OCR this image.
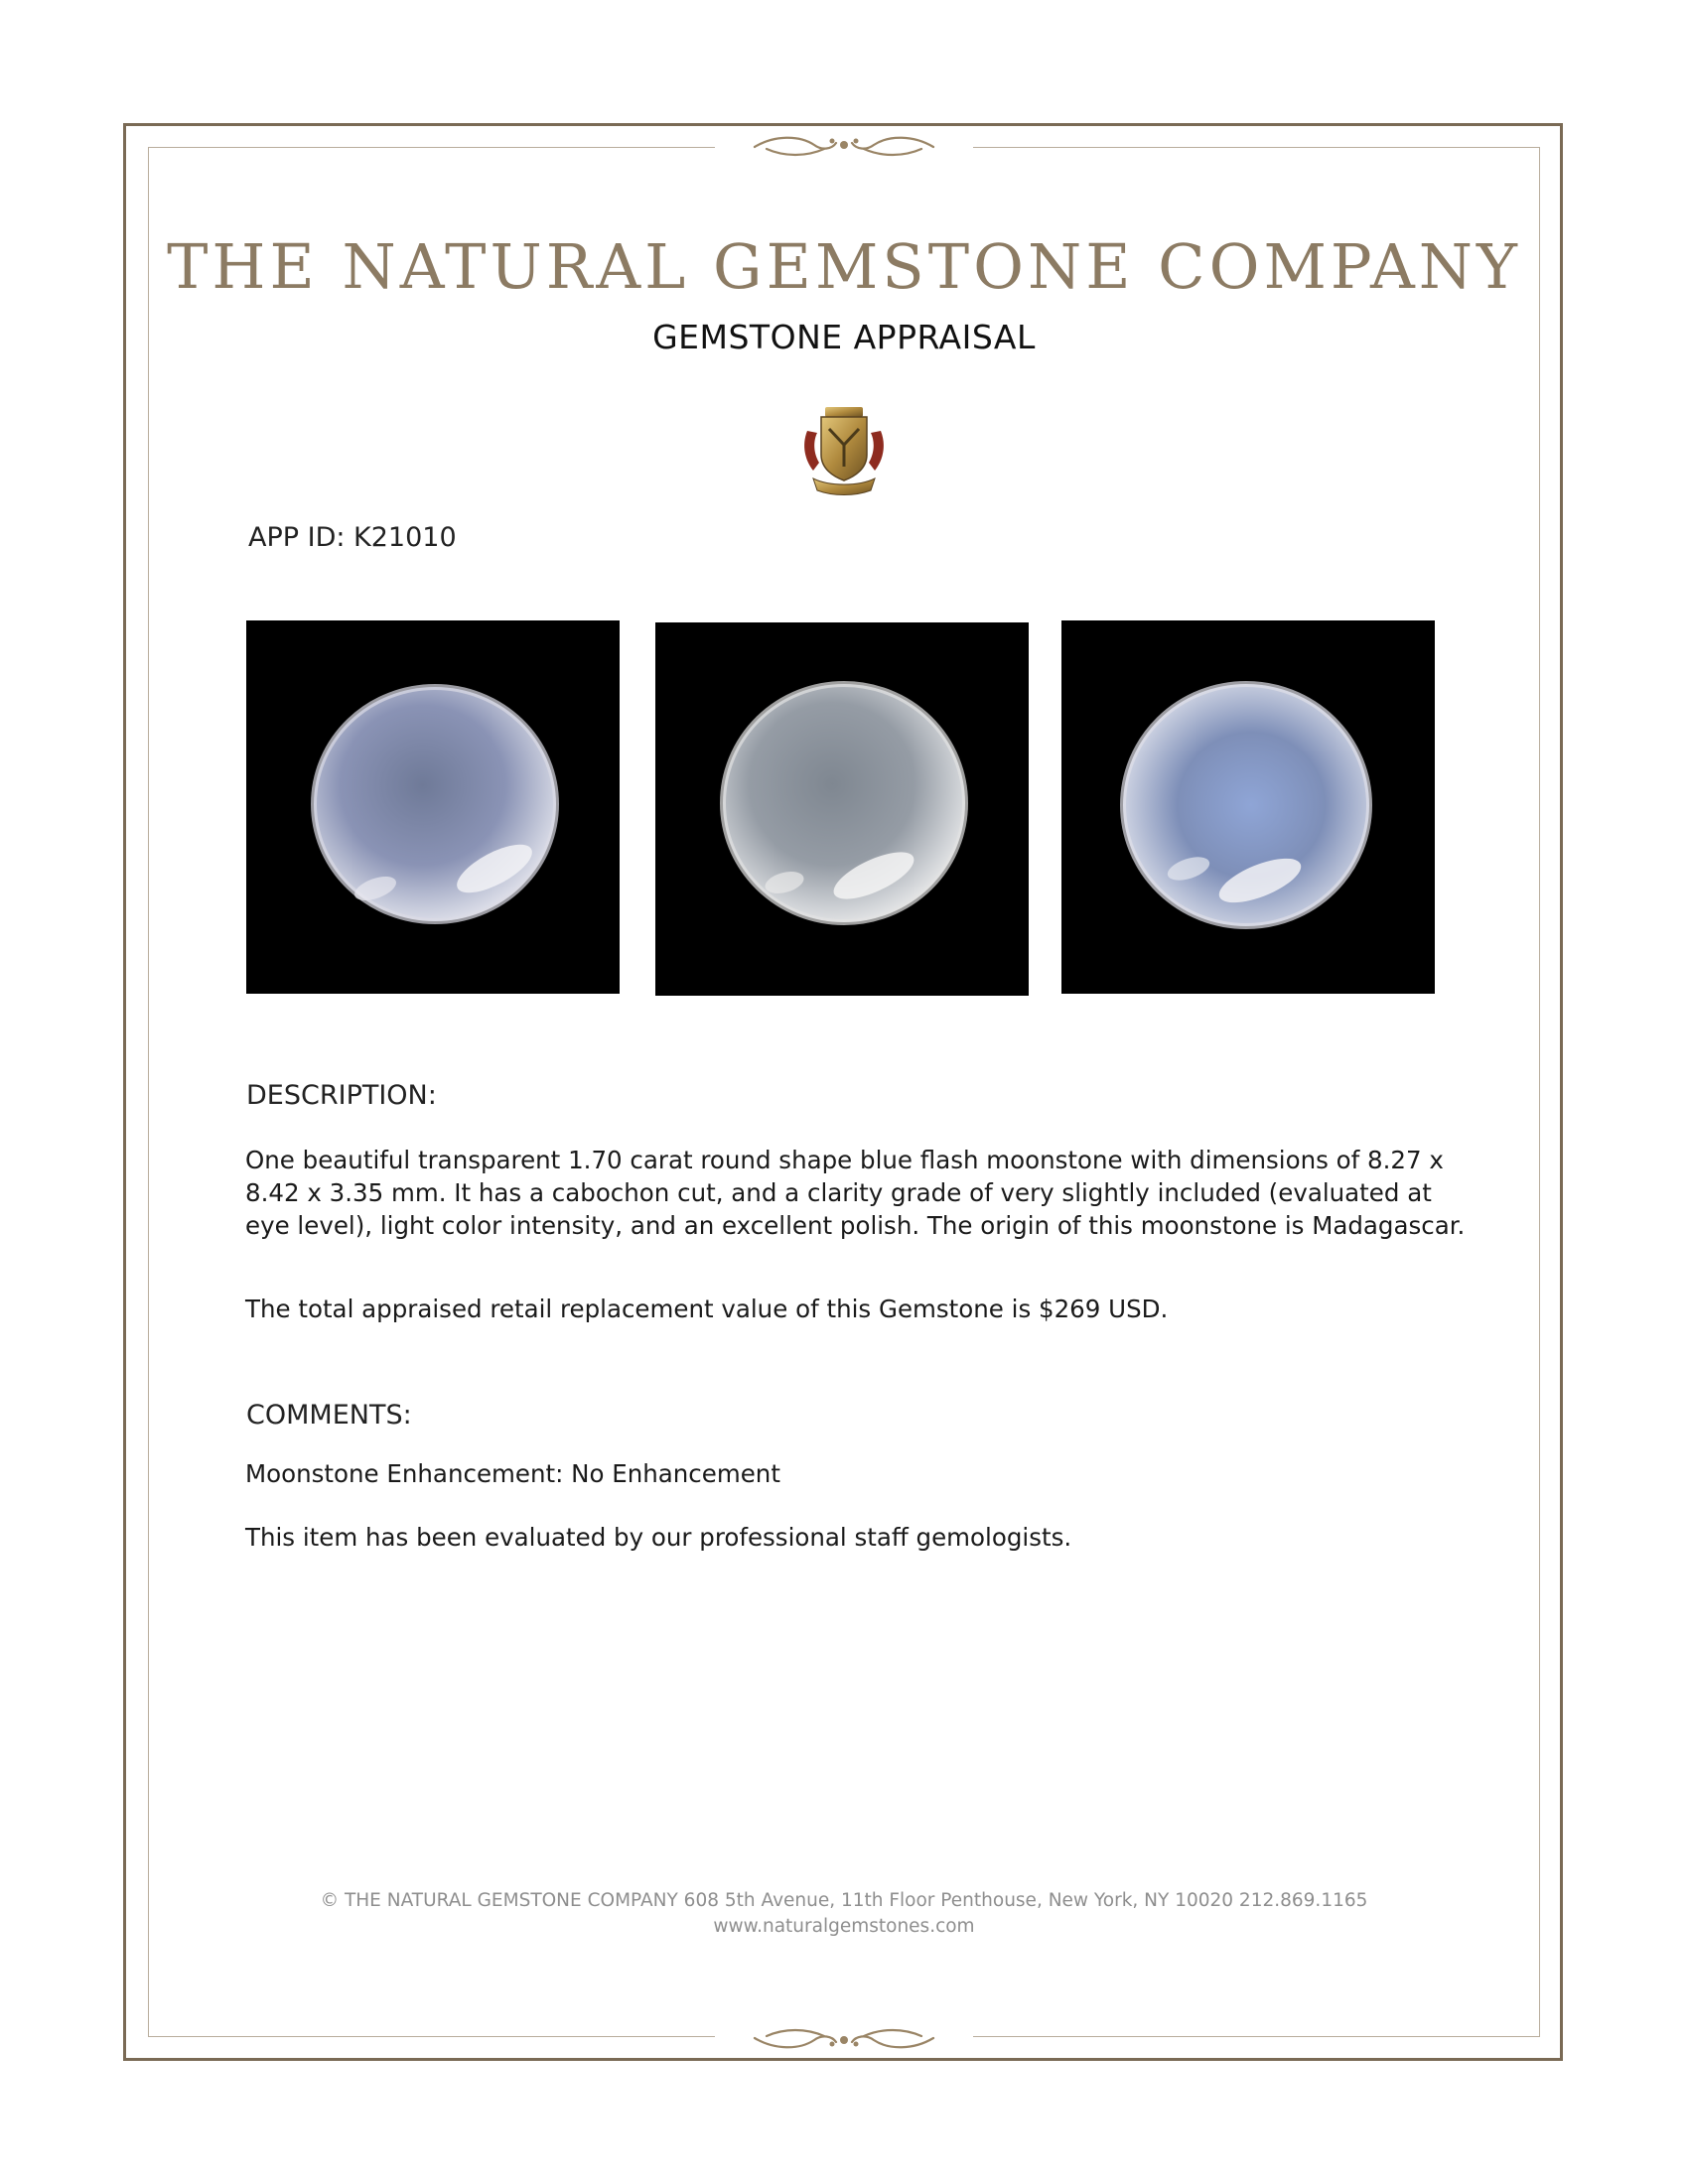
THE NATURAL GEMSTONE COMPANY
GEMSTONE APPRAISAL
APP ID: K21010
DESCRIPTION:
One beautiful transparent 1.70 carat round shape blue flash moonstone with dimensions of 8.27 x 8.42 x 3.35 mm. It has a cabochon cut, and a clarity grade of very slightly included (evaluated at eye level), light color intensity, and an excellent polish. The origin of this moonstone is Madagascar.
The total appraised retail replacement value of this Gemstone is $269 USD.
COMMENTS:
Moonstone Enhancement: No Enhancement
This item has been evaluated by our professional staff gemologists.
© THE NATURAL GEMSTONE COMPANY 608 5th Avenue, 11th Floor Penthouse, New York, NY 10020 212.869.1165
www.naturalgemstones.com
